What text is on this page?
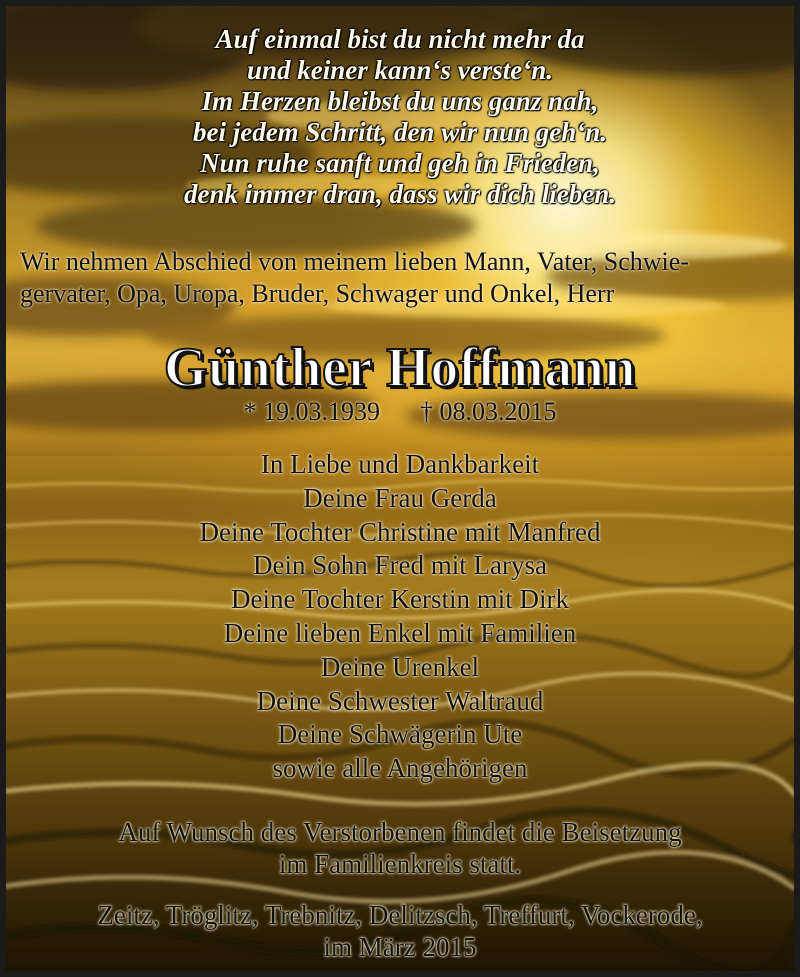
Auf einmal bist du nicht mehr da
und keiner kann‘s verste‘n.
Im Herzen bleibst du uns ganz nah,
bei jedem Schritt, den wir nun geh‘n.
Nun ruhe sanft und geh in Frieden,
denk immer dran, dass wir dich lieben.
Wir nehmen Abschied von meinem lieben Mann, Vater, Schwie-
gervater, Opa, Uropa, Bruder, Schwager und Onkel, Herr
Günther Hoffmann
* 19.03.1939 † 08.03.2015
In Liebe und Dankbarkeit
Deine Frau Gerda
Deine Tochter Christine mit Manfred
Dein Sohn Fred mit Larysa
Deine Tochter Kerstin mit Dirk
Deine lieben Enkel mit Familien
Deine Urenkel
Deine Schwester Waltraud
Deine Schwägerin Ute
sowie alle Angehörigen
Auf Wunsch des Verstorbenen findet die Beisetzung
im Familienkreis statt.
Zeitz, Tröglitz, Trebnitz, Delitzsch, Treffurt, Vockerode,
im März 2015
